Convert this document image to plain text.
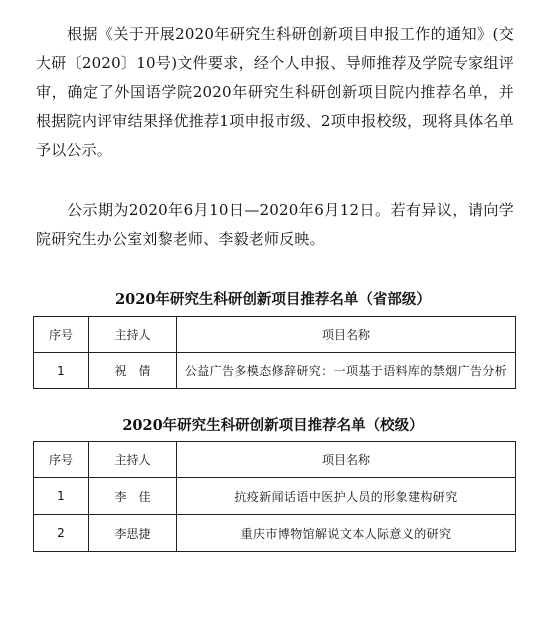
根据《关于开展2020年研究生科研创新项目申报工作的通知》(交大研〔2020〕10号)文件要求，经个人申报、导师推荐及学院专家组评审，确定了外国语学院2020年研究生科研创新项目院内推荐名单，并根据院内评审结果择优推荐1项申报市级、2项申报校级，现将具体名单予以公示。

公示期为2020年6月10日—2020年6月12日。若有异议，请向学院研究生办公室刘黎老师、李毅老师反映。

2020年研究生科研创新项目推荐名单（省部级）
序号	主持人	项目名称
1	祝　倩	公益广告多模态修辞研究：一项基于语料库的禁烟广告分析
2020年研究生科研创新项目推荐名单（校级）
序号	主持人	项目名称
1	李　佳	抗疫新闻话语中医护人员的形象建构研究
2	李思捷	重庆市博物馆解说文本人际意义的研究
